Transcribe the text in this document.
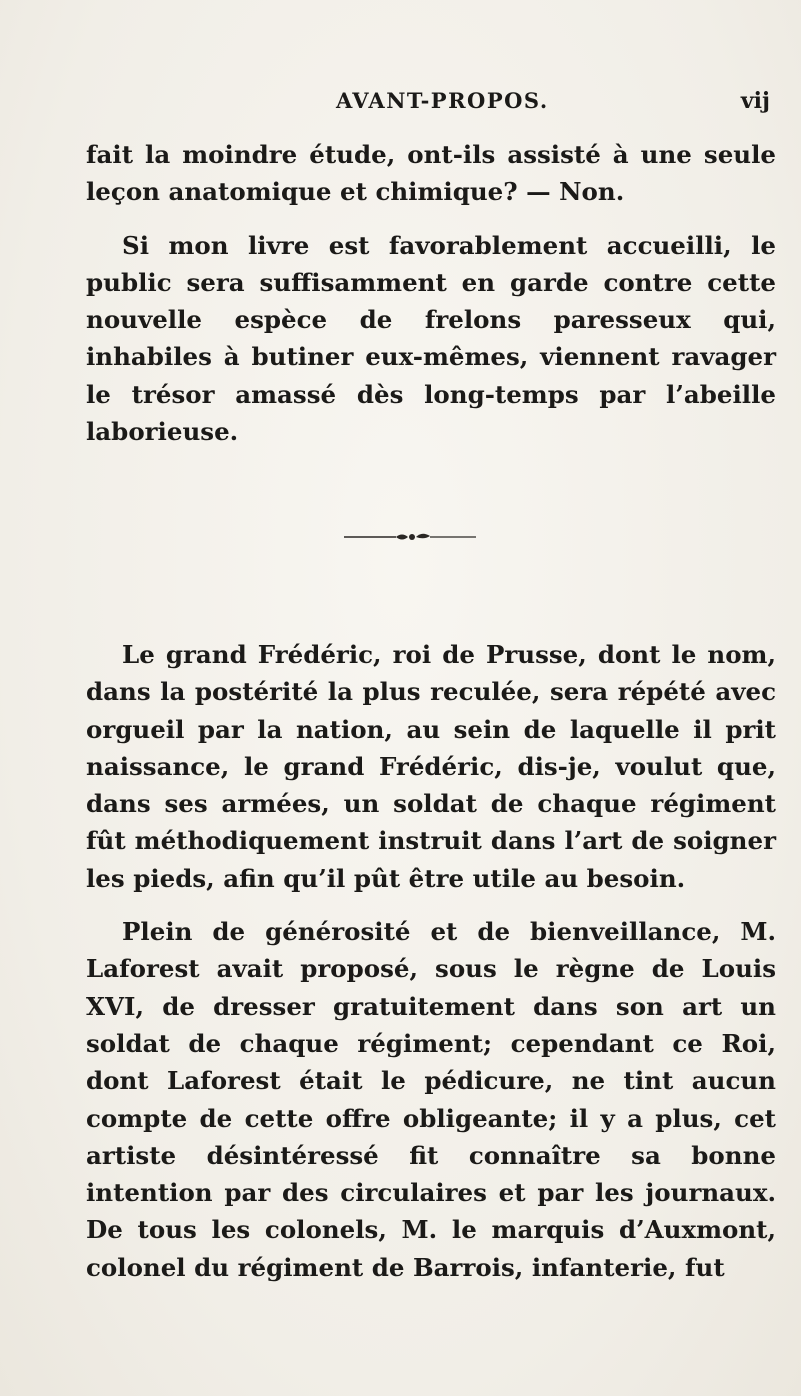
AVANT-PROPOS.	vij

fait la moindre étude, ont-ils assisté à une seule leçon anatomique et chimique? — Non.

Si mon livre est favorablement accueilli, le public sera suffisamment en garde contre cette nouvelle espèce de frelons paresseux qui, inhabiles à butiner eux-mêmes, viennent ravager le trésor amassé dès long-temps par l’abeille laborieuse.

Le grand Frédéric, roi de Prusse, dont le nom, dans la postérité la plus reculée, sera répété avec orgueil par la nation, au sein de laquelle il prit naissance, le grand Frédéric, dis-je, voulut que, dans ses armées, un soldat de chaque régiment fût méthodiquement instruit dans l’art de soigner les pieds, afin qu’il pût être utile au besoin.

Plein de générosité et de bienveillance, M. Laforest avait proposé, sous le règne de Louis XVI, de dresser gratuitement dans son art un soldat de chaque régiment; cependant ce Roi, dont Laforest était le pédicure, ne tint aucun compte de cette offre obligeante; il y a plus, cet artiste désintéressé fit connaître sa bonne intention par des circulaires et par les journaux. De tous les colonels, M. le marquis d’Auxmont, colonel du régiment de Barrois, infanterie, fut
